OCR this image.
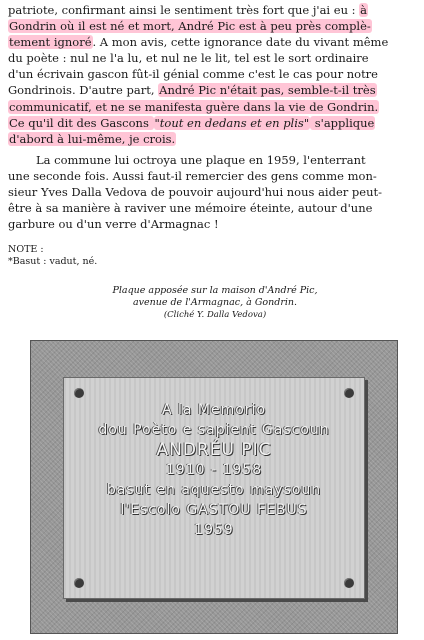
patriote, confirmant ainsi le sentiment très fort que j'ai eu : à
Gondrin où il est né et mort, André Pic est à peu près complè-
tement ignoré. A mon avis, cette ignorance date du vivant même
du poète : nul ne l'a lu, et nul ne le lit, tel est le sort ordinaire
d'un écrivain gascon fût-il génial comme c'est le cas pour notre
Gondrinois. D'autre part, André Pic n'était pas, semble-t-il très
communicatif, et ne se manifesta guère dans la vie de Gondrin.
Ce qu'il dit des Gascons "tout en dedans et en plis" s'applique
d'abord à lui-même, je crois.
La commune lui octroya une plaque en 1959, l'enterrant
une seconde fois. Aussi faut-il remercier des gens comme mon-
sieur Yves Dalla Vedova de pouvoir aujourd'hui nous aider peut-
être à sa manière à raviver une mémoire éteinte, autour d'une
garbure ou d'un verre d'Armagnac !
NOTE :
*Basut : vadut, né.
Plaque apposée sur la maison d'André Pic,
avenue de l'Armagnac, à Gondrin.
(Cliché Y. Dalla Vedova)
A la Memorio
dou Poèto e sapient Gascoun
ANDRÉU PIC
1910 - 1958
basut en aquesto maysoun
l'Escolo GASTOU FEBUS
1959
